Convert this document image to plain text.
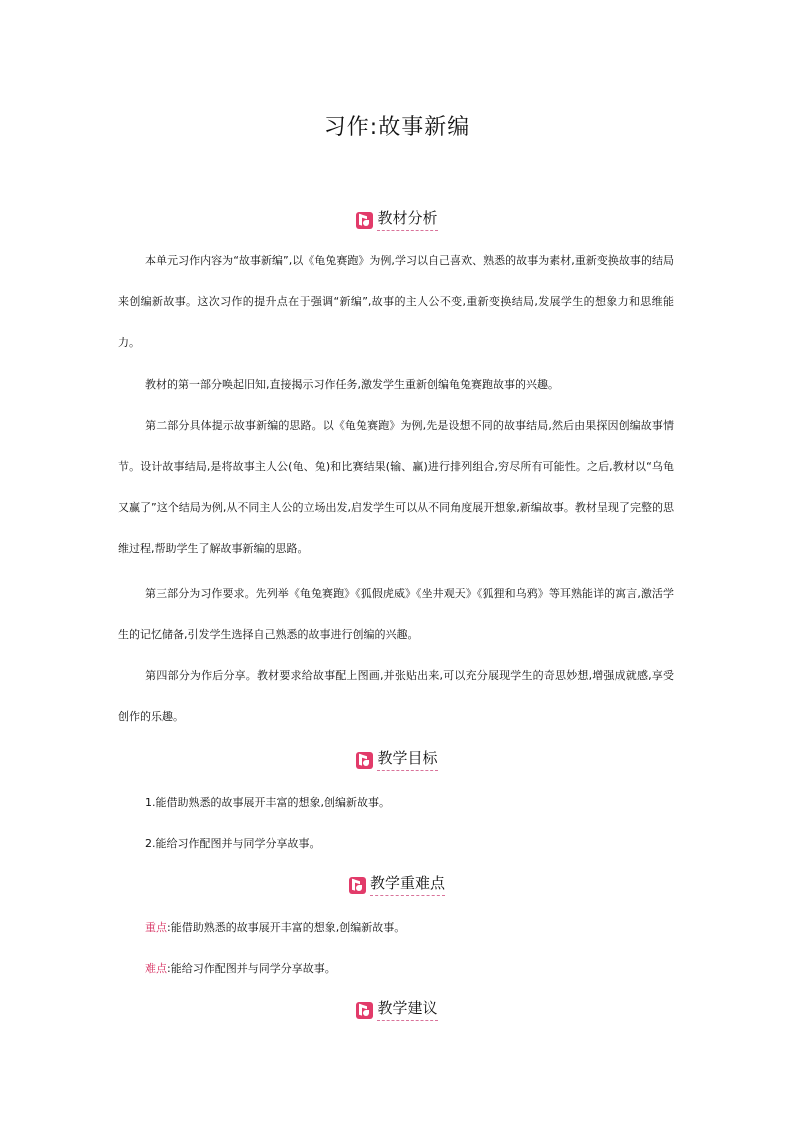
习作:故事新编
教材分析
本单元习作内容为“故事新编”,以《龟兔赛跑》为例,学习以自己喜欢、熟悉的故事为素材,重新变换故事的结局来创编新故事。这次习作的提升点在于强调“新编”,故事的主人公不变,重新变换结局,发展学生的想象力和思维能力。
教材的第一部分唤起旧知,直接揭示习作任务,激发学生重新创编龟兔赛跑故事的兴趣。
第二部分具体提示故事新编的思路。以《龟兔赛跑》为例,先是设想不同的故事结局,然后由果探因创编故事情节。设计故事结局,是将故事主人公(龟、兔)和比赛结果(输、赢)进行排列组合,穷尽所有可能性。之后,教材以“乌龟又赢了”这个结局为例,从不同主人公的立场出发,启发学生可以从不同角度展开想象,新编故事。教材呈现了完整的思维过程,帮助学生了解故事新编的思路。
第三部分为习作要求。先列举《龟兔赛跑》《狐假虎威》《坐井观天》《狐狸和乌鸦》等耳熟能详的寓言,激活学生的记忆储备,引发学生选择自己熟悉的故事进行创编的兴趣。
第四部分为作后分享。教材要求给故事配上图画,并张贴出来,可以充分展现学生的奇思妙想,增强成就感,享受创作的乐趣。
教学目标
1.能借助熟悉的故事展开丰富的想象,创编新故事。
2.能给习作配图并与同学分享故事。
教学重难点
重点:能借助熟悉的故事展开丰富的想象,创编新故事。
难点:能给习作配图并与同学分享故事。
教学建议
